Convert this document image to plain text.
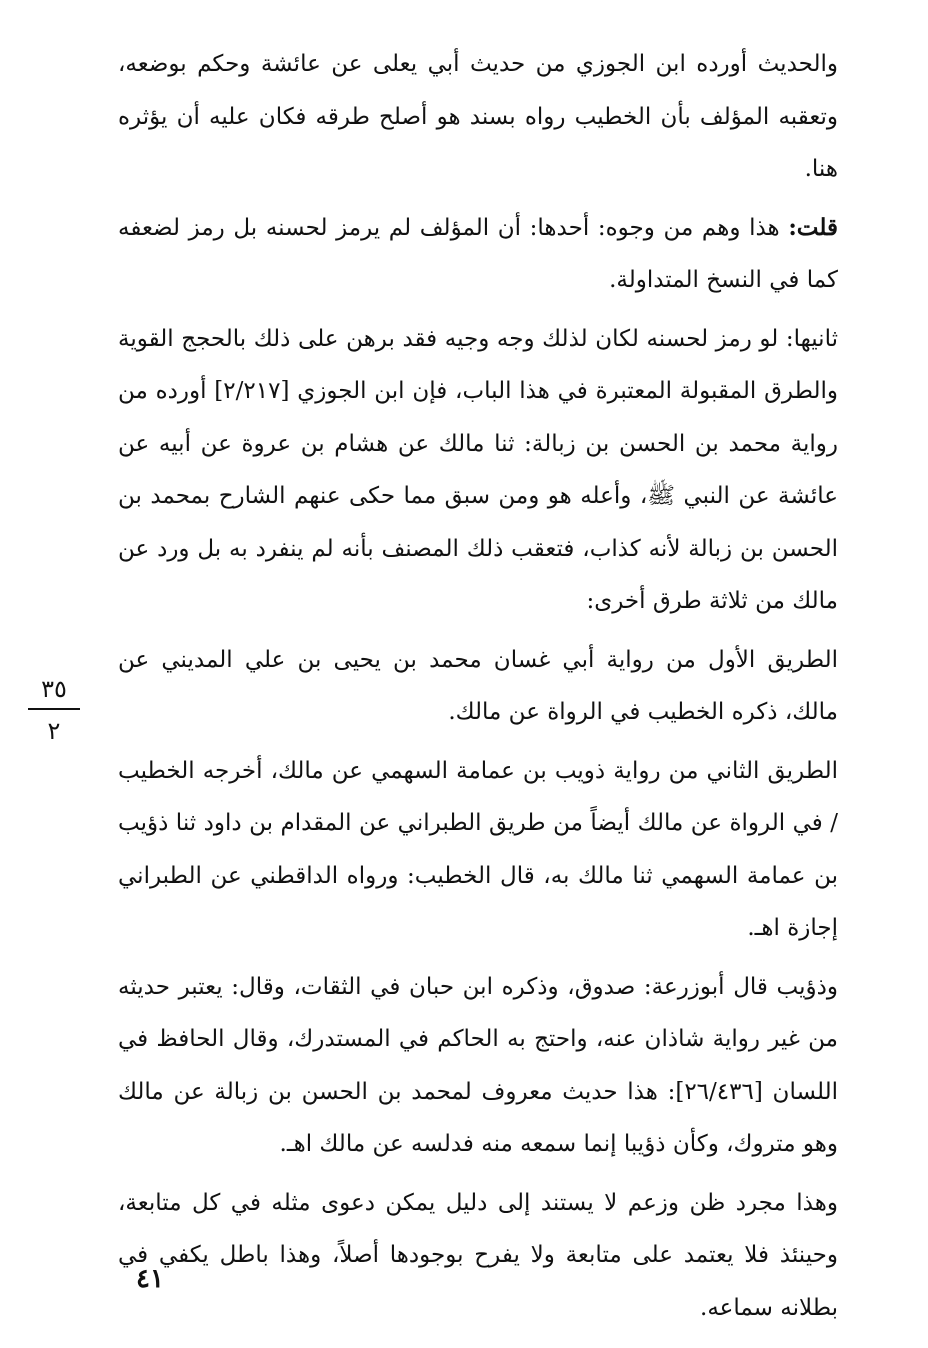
والحديث أورده ابن الجوزي من حديث أبي يعلى عن عائشة وحكم بوضعه، وتعقبه المؤلف بأن الخطيب رواه بسند هو أصلح طرقه فكان عليه أن يؤثره هنا.

قلت: هذا وهم من وجوه: أحدها: أن المؤلف لم يرمز لحسنه بل رمز لضعفه كما في النسخ المتداولة.

ثانيها: لو رمز لحسنه لكان لذلك وجه وجيه فقد برهن على ذلك بالحجج القوية والطرق المقبولة المعتبرة في هذا الباب، فإن ابن الجوزي [٢/٢١٧] أورده من رواية محمد بن الحسن بن زبالة: ثنا مالك عن هشام بن عروة عن أبيه عن عائشة عن النبي ﷺ، وأعله هو ومن سبق مما حكى عنهم الشارح بمحمد بن الحسن بن زبالة لأنه كذاب، فتعقب ذلك المصنف بأنه لم ينفرد به بل ورد عن مالك من ثلاثة طرق أخرى:

الطريق الأول من رواية أبي غسان محمد بن يحيى بن علي المديني عن مالك، ذكره الخطيب في الرواة عن مالك.

الطريق الثاني من رواية ذويب بن عمامة السهمي عن مالك، أخرجه الخطيب / في الرواة عن مالك أيضاً من طريق الطبراني عن المقدام بن داود ثنا ذؤيب بن عمامة السهمي ثنا مالك به، قال الخطيب: ورواه الداقطني عن الطبراني إجازة اهـ.

وذؤيب قال أبوزرعة: صدوق، وذكره ابن حبان في الثقات، وقال: يعتبر حديثه من غير رواية شاذان عنه، واحتج به الحاكم في المستدرك، وقال الحافظ في اللسان [٢٦/٤٣٦]: هذا حديث معروف لمحمد بن الحسن بن زبالة عن مالك وهو متروك، وكأن ذؤيبا إنما سمعه منه فدلسه عن مالك اهـ.

وهذا مجرد ظن وزعم لا يستند إلى دليل يمكن دعوى مثله في كل متابعة، وحينئذ فلا يعتمد على متابعة ولا يفرح بوجودها أصلاً، وهذا باطل يكفي في بطلانه سماعه.

٣٥
٢
٤١
